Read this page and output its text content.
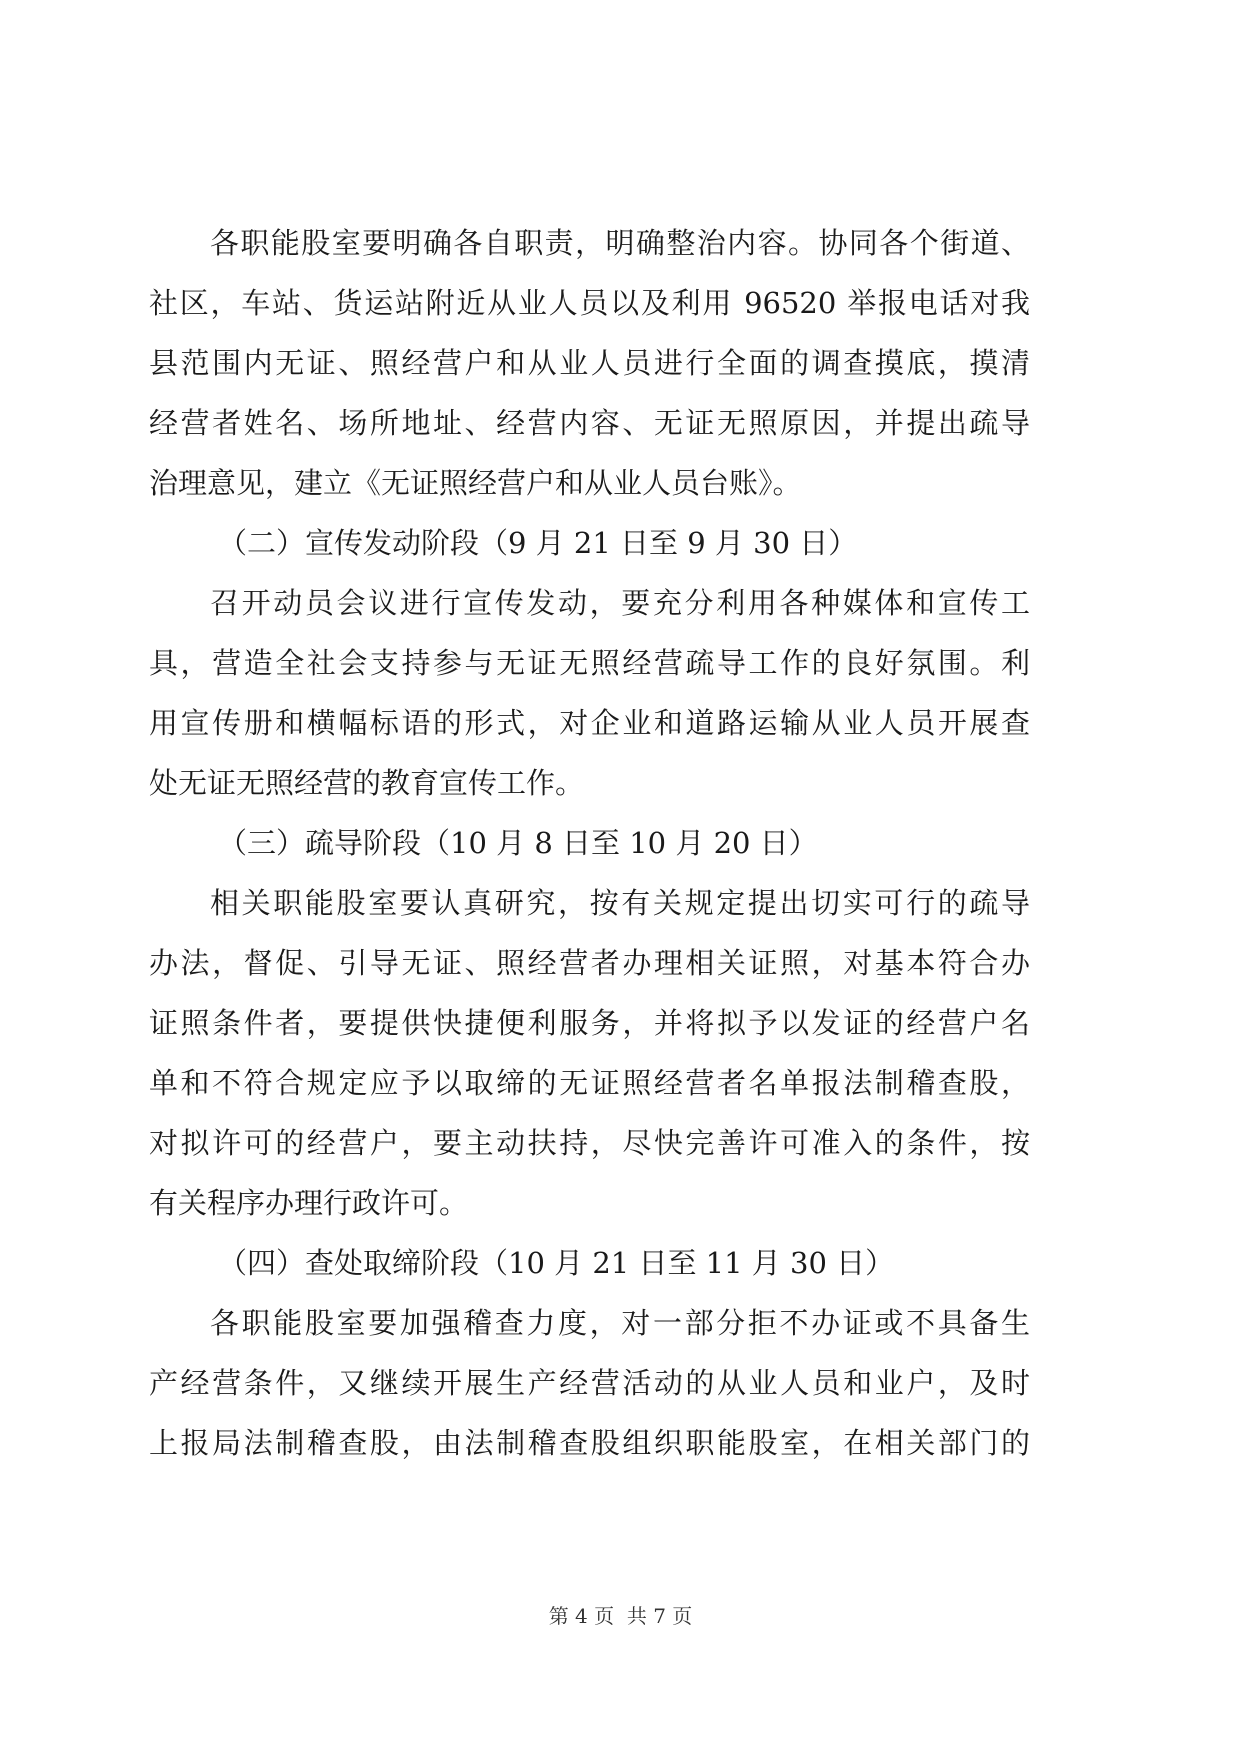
各职能股室要明确各自职责，明确整治内容。协同各个街道、
社区，车站、货运站附近从业人员以及利用 96520 举报电话对我
县范围内无证、照经营户和从业人员进行全面的调查摸底，摸清
经营者姓名、场所地址、经营内容、无证无照原因，并提出疏导
治理意见，建立《无证照经营户和从业人员台账》。
（二）宣传发动阶段（9 月 21 日至 9 月 30 日）
召开动员会议进行宣传发动，要充分利用各种媒体和宣传工
具，营造全社会支持参与无证无照经营疏导工作的良好氛围。利
用宣传册和横幅标语的形式，对企业和道路运输从业人员开展查
处无证无照经营的教育宣传工作。
（三）疏导阶段（10 月 8 日至 10 月 20 日）
相关职能股室要认真研究，按有关规定提出切实可行的疏导
办法，督促、引导无证、照经营者办理相关证照，对基本符合办
证照条件者，要提供快捷便利服务，并将拟予以发证的经营户名
单和不符合规定应予以取缔的无证照经营者名单报法制稽查股，
对拟许可的经营户，要主动扶持，尽快完善许可准入的条件，按
有关程序办理行政许可。
（四）查处取缔阶段（10 月 21 日至 11 月 30 日）
各职能股室要加强稽查力度，对一部分拒不办证或不具备生
产经营条件，又继续开展生产经营活动的从业人员和业户，及时
上报局法制稽查股，由法制稽查股组织职能股室，在相关部门的
第 4 页  共 7 页
